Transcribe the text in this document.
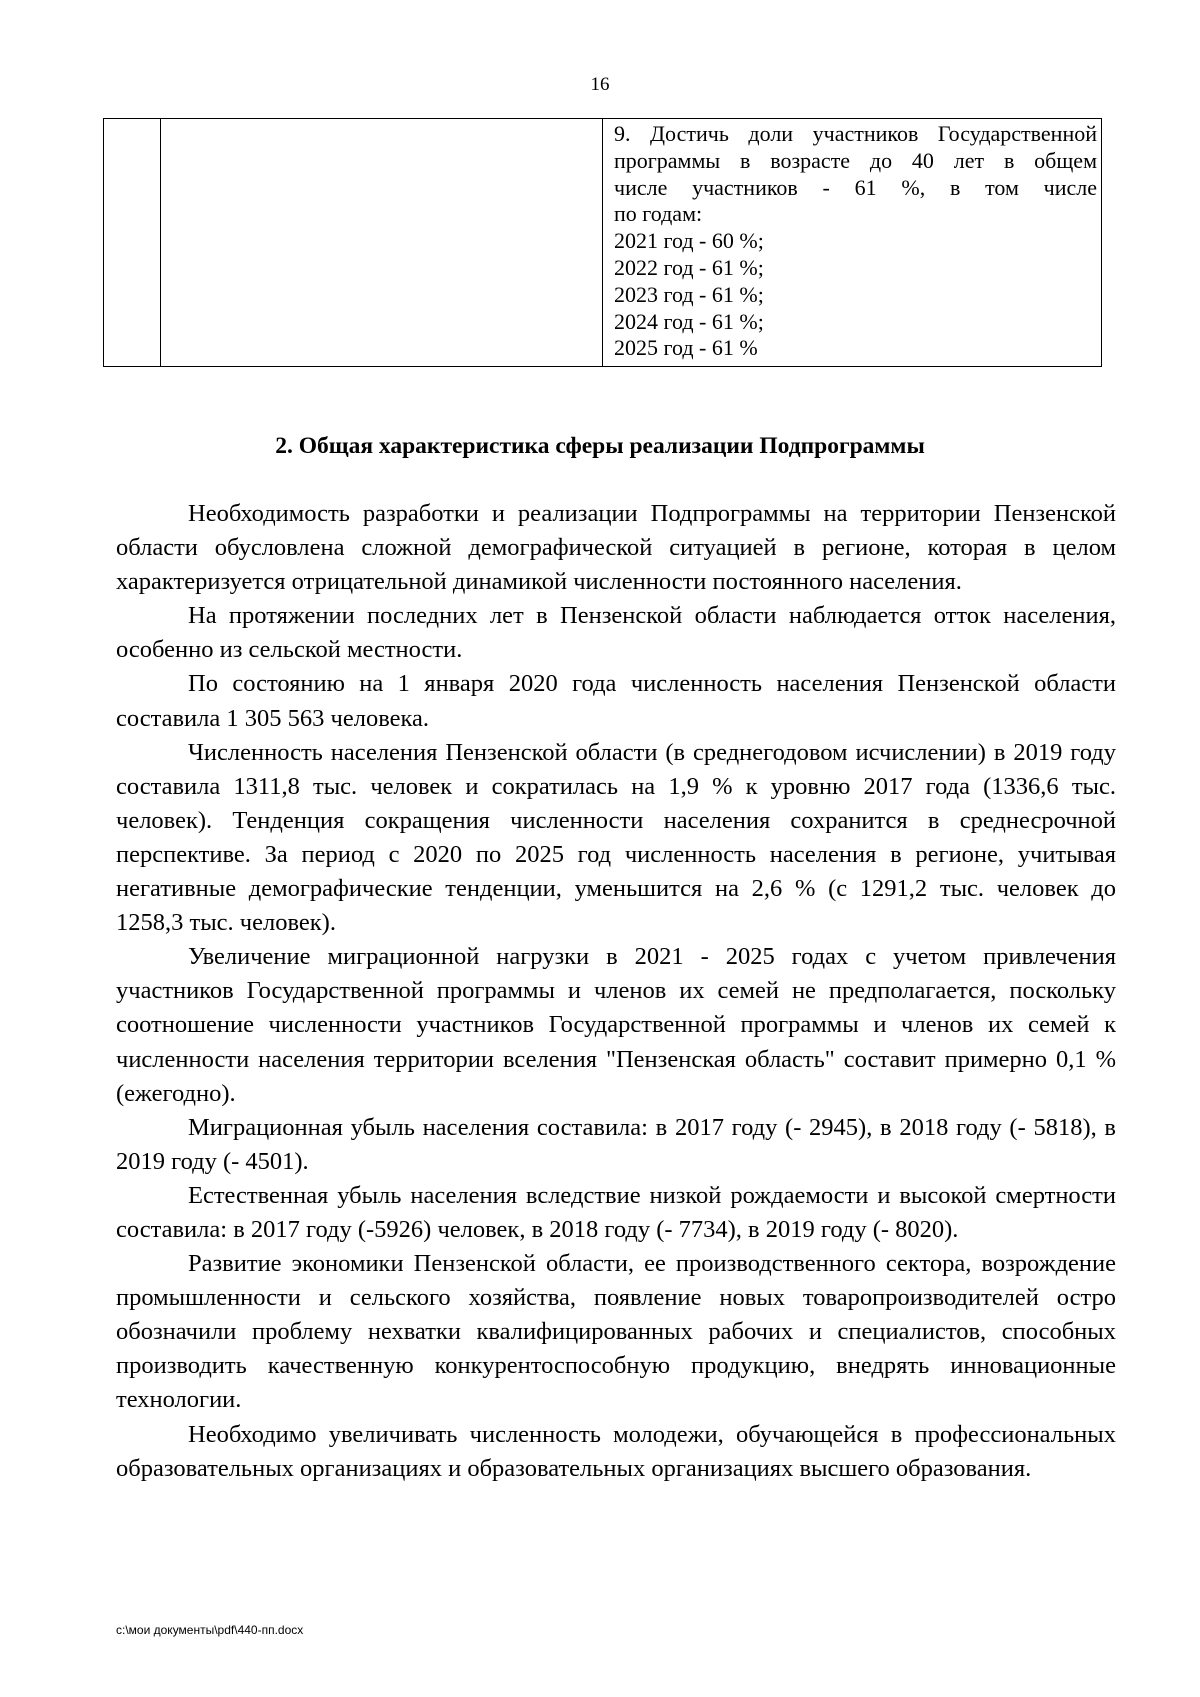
16
9. Достичь доли участников Государственной
программы в возрасте до 40 лет в общем
числе участников - 61 %, в том числе
по годам:
2021 год - 60 %;
2022 год - 61 %;
2023 год - 61 %;
2024 год - 61 %;
2025 год - 61 %
2. Общая характеристика сферы реализации Подпрограммы

Необходимость разработки и реализации Подпрограммы на территории Пензенской области обусловлена сложной демографической ситуацией в регионе, которая в целом характеризуется отрицательной динамикой численности постоянного населения.

На протяжении последних лет в Пензенской области наблюдается отток населения, особенно из сельской местности.

По состоянию на 1 января 2020 года численность населения Пензенской области составила 1 305 563 человека.

Численность населения Пензенской области (в среднегодовом исчислении) в 2019 году составила 1311,8 тыс. человек и сократилась на 1,9 % к уровню 2017 года (1336,6 тыс. человек). Тенденция сокращения численности населения сохранится в среднесрочной перспективе. За период с 2020 по 2025 год численность населения в регионе, учитывая негативные демографические тенденции, уменьшится на 2,6 % (с 1291,2 тыс. человек до 1258,3 тыс. человек).

Увеличение миграционной нагрузки в 2021 - 2025 годах с учетом привлечения участников Государственной программы и членов их семей не предполагается, поскольку соотношение численности участников Государственной программы и членов их семей к численности населения территории вселения "Пензенская область" составит примерно 0,1 % (ежегодно).

Миграционная убыль населения составила: в 2017 году (- 2945), в 2018 году (- 5818), в 2019 году (- 4501).

Естественная убыль населения вследствие низкой рождаемости и высокой смертности составила: в 2017 году (-5926) человек, в 2018 году (- 7734), в 2019 году (- 8020).

Развитие экономики Пензенской области, ее производственного сектора, возрождение промышленности и сельского хозяйства, появление новых товаропроизводителей остро обозначили проблему нехватки квалифицированных рабочих и специалистов, способных производить качественную конкурентоспособную продукцию, внедрять инновационные технологии.

Необходимо увеличивать численность молодежи, обучающейся в профессиональных образовательных организациях и образовательных организациях высшего образования.

c:\мои документы\pdf\440-пп.docx
